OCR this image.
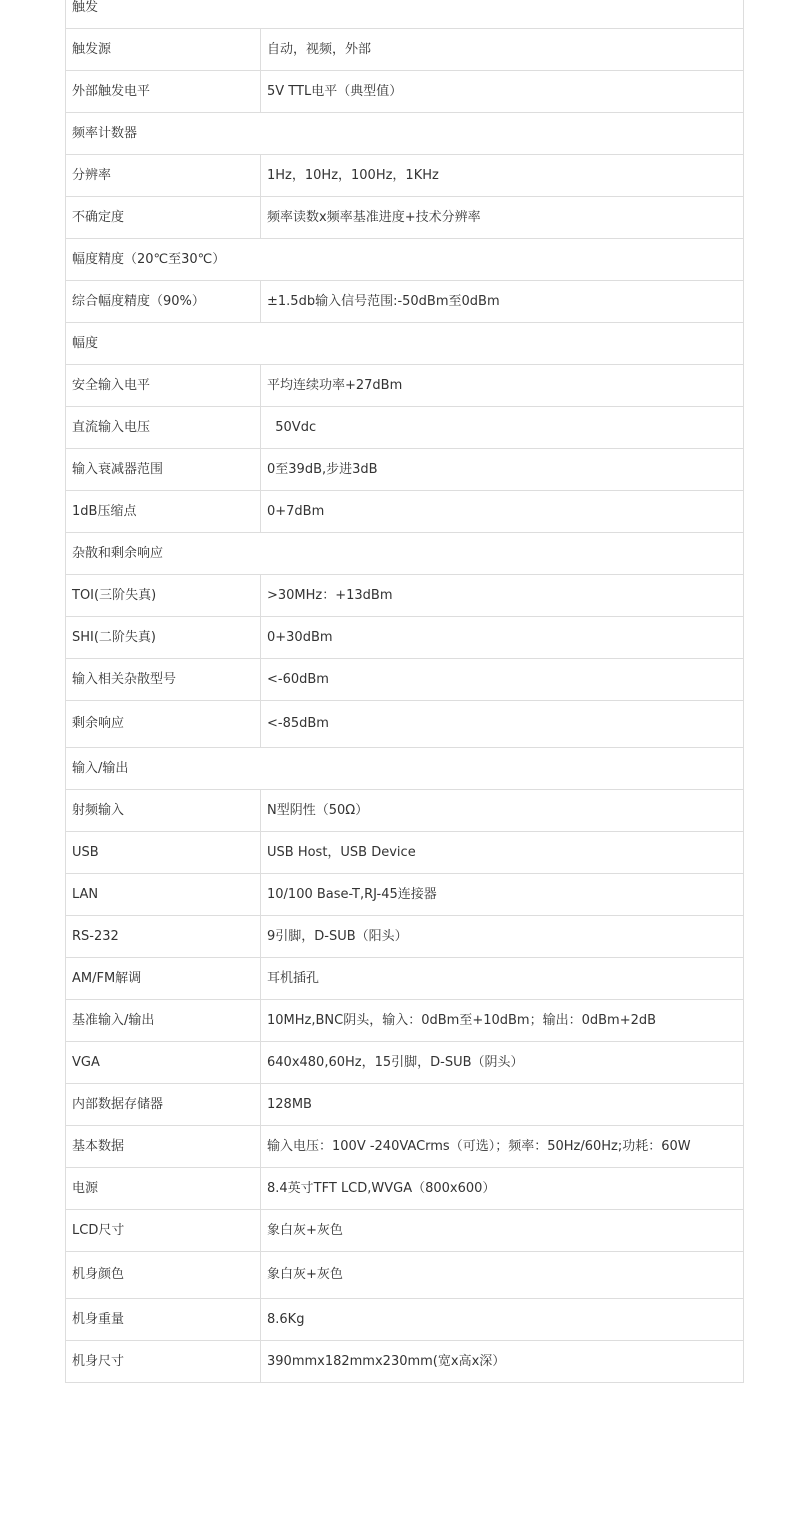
触发	
触发源	自动，视频，外部
外部触发电平	5V TTL电平（典型值）
频率计数器	
分辨率	1Hz，10Hz，100Hz，1KHz
不确定度	频率读数x频率基准进度+技术分辨率
幅度精度（20℃至30℃）	
综合幅度精度（90%）	±1.5db输入信号范围:-50dBm至0dBm
幅度	
安全输入电平	平均连续功率+27dBm
直流输入电压	50Vdc
输入衰减器范围	0至39dB,步进3dB
1dB压缩点	0+7dBm
杂散和剩余响应	
TOI(三阶失真)	>30MHz：+13dBm
SHI(二阶失真)	0+30dBm
输入相关杂散型号	<-60dBm
剩余响应	<-85dBm
输入/输出	
射频输入	N型阴性（50Ω）
USB	USB Host，USB Device
LAN	10/100 Base-T,RJ-45连接器
RS-232	9引脚，D-SUB（阳头）
AM/FM解调	耳机插孔
基准输入/输出	10MHz,BNC阴头，输入：0dBm至+10dBm；输出：0dBm+2dB
VGA	640x480,60Hz，15引脚，D-SUB（阴头）
内部数据存储器	128MB
基本数据	输入电压：100V -240VACrms（可选）；频率：50Hz/60Hz;功耗：60W
电源	8.4英寸TFT LCD,WVGA（800x600）
LCD尺寸	象白灰+灰色
机身颜色	象白灰+灰色
机身重量	8.6Kg
机身尺寸	390mmx182mmx230mm(宽x高x深）
